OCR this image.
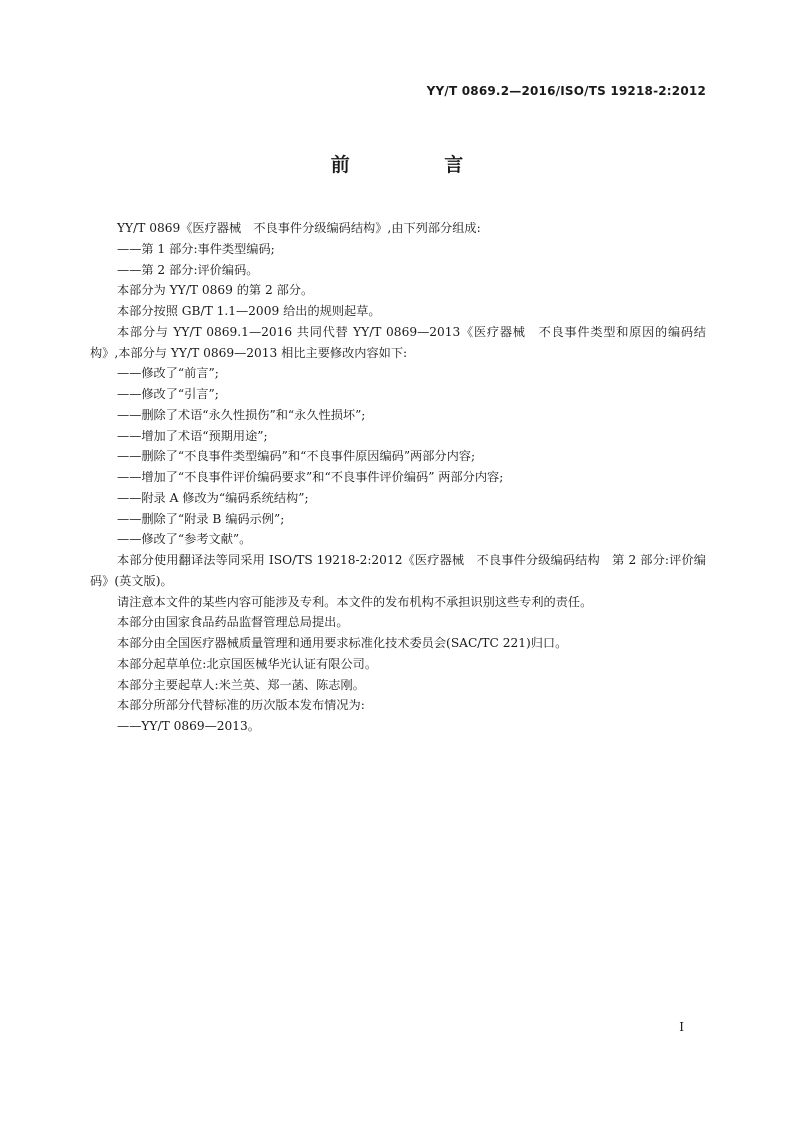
YY/T 0869.2—2016/ISO/TS 19218-2:2012
前 言

YY/T 0869《医疗器械　不良事件分级编码结构》,由下列部分组成:

——第 1 部分:事件类型编码;

——第 2 部分:评价编码。

本部分为 YY/T 0869 的第 2 部分。

本部分按照 GB/T 1.1—2009 给出的规则起草。

本部分与 YY/T 0869.1—2016 共同代替 YY/T 0869—2013《医疗器械　不良事件类型和原因的编码结构》,本部分与 YY/T 0869—2013 相比主要修改内容如下:

——修改了“前言”;

——修改了“引言”;

——删除了术语“永久性损伤”和“永久性损坏”;

——增加了术语“预期用途”;

——删除了“不良事件类型编码”和“不良事件原因编码”两部分内容;

——增加了“不良事件评价编码要求”和“不良事件评价编码” 两部分内容;

——附录 A 修改为“编码系统结构”;

——删除了“附录 B 编码示例”;

——修改了“参考文献”。

本部分使用翻译法等同采用 ISO/TS 19218-2:2012《医疗器械　不良事件分级编码结构　第 2 部分:评价编码》(英文版)。

请注意本文件的某些内容可能涉及专利。本文件的发布机构不承担识别这些专利的责任。

本部分由国家食品药品监督管理总局提出。

本部分由全国医疗器械质量管理和通用要求标准化技术委员会(SAC/TC 221)归口。

本部分起草单位:北京国医械华光认证有限公司。

本部分主要起草人:米兰英、郑一菡、陈志刚。

本部分所部分代替标准的历次版本发布情况为:

——YY/T 0869—2013。

I
